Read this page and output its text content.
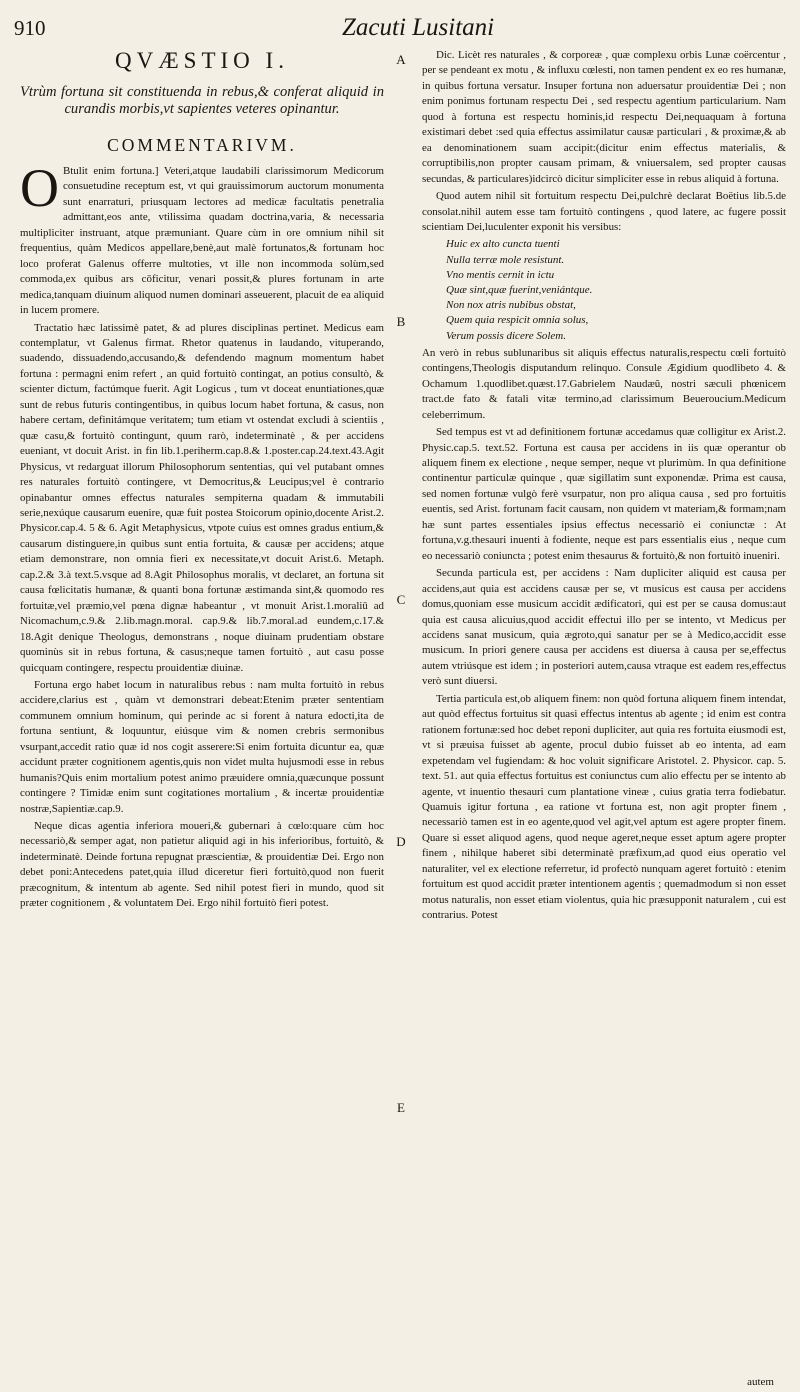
910	Zacuti Lusitani
QVÆSTIO I.
Vtrùm fortuna sit constituenda in rebus,& conferat aliquid in curandis morbis,vt sapientes veteres opinantur.
COMMENTARIVM.

O Btulit enim fortuna.] Veteri,atque laudabili clarissimorum Medicorum consuetudine receptum est, vt qui grauissimorum auctorum monumenta sunt enarraturi, priusquam lectores ad medicæ facultatis penetralia admittant,eos ante, vtilissima quadam doctrina,varia, & necessaria multipliciter instruant, atque præmuniant. Quare cùm in ore omnium nihil sit frequentius, quàm Medicos appellare,benè,aut malè fortunatos,& fortunam hoc loco proferat Galenus offerre multoties, vt ille non incommoda solùm,sed commoda,ex quibus ars cōficitur, venari possit,& plures fortunam in arte medica,tanquam diuinum aliquod numen dominari asseuerent, placuit de ea aliquid in lucem promere.

Tractatio hæc latissimè patet, & ad plures disciplinas pertinet. Medicus eam contemplatur, vt Galenus firmat. Rhetor quatenus in laudando, vituperando, suadendo, dissuadendo,accusando,& defendendo magnum momentum habet fortuna : permagni enim refert , an quid fortuitò contingat, an potius consultò, & scienter dictum, factúmque fuerit. Agit Logicus , tum vt doceat enuntiationes,quæ sunt de rebus futuris contingentibus, in quibus locum habet fortuna, & casus, non habere certam, definitámque veritatem; tum etiam vt ostendat excludi à scientiis , quæ casu,& fortuitò contingunt, quum rarò, indeterminatè , & per accidens eueniant, vt docuit Arist. in fin lib.1.periherm.cap.8.& 1.poster.cap.24.text.43.Agit Physicus, vt redarguat illorum Philosophorum sententias, qui vel putabant omnes res naturales fortuitò contingere, vt Democritus,& Leucipus;vel è contrario opinabantur omnes effectus naturales sempiterna quadam & immutabili serie,nexúque causarum euenire, quæ fuit postea Stoicorum opinio,docente Arist.2. Physicor.cap.4. 5 & 6. Agit Metaphysicus, vtpote cuius est omnes gradus entium,& causarum distinguere,in quibus sunt entia fortuita, & causæ per accidens; atque etiam demonstrare, non omnia fieri ex necessitate,vt docuit Arist.6. Metaph. cap.2.& 3.à text.5.vsque ad 8.Agit Philosophus moralis, vt declaret, an fortuna sit causa fœlicitatis humanæ, & quanti bona fortunæ æstimanda sint,& quomodo res fortuitæ,vel præmio,vel pœna dignæ habeantur , vt monuit Arist.1.moraliū ad Nicomachum,c.9.& 2.lib.magn.moral. cap.9.& lib.7.moral.ad eundem,c.17.& 18.Agit denique Theologus, demonstrans , noque diuinam prudentiam obstare quominùs sit in rebus fortuna, & casus;neque tamen fortuitò , aut casu posse quicquam contingere, respectu prouidentiæ diuinæ.

Fortuna ergo habet locum in naturalibus rebus : nam multa fortuitò in rebus accidere,clarius est , quàm vt demonstrari debeat:Etenim præter sententiam communem omnium hominum, qui perinde ac si forent à natura edocti,ita de fortuna sentiunt, & loquuntur, eiúsque vim & nomen crebris sermonibus vsurpant,accedit ratio quæ id nos cogit asserere:Si enim fortuita dicuntur ea, quæ accidunt præter cognitionem agentis,quis non videt multa hujusmodi esse in rebus humanis?Quis enim mortalium potest animo præuidere omnia,quæcunque possunt contingere ? Timidæ enim sunt cogitationes mortalium , & incertæ prouidentiæ nostræ,Sapientiæ.cap.9.

Neque dicas agentia inferiora moueri,& gubernari à cœlo:quare cùm hoc necessariò,& semper agat, non patietur aliquid agi in his inferioribus, fortuitò, & indeterminatè. Deinde fortuna repugnat præscientiæ, & prouidentiæ Dei. Ergo non debet poni:Antecedens patet,quia illud diceretur fieri fortuitò,quod non fuerit præcognitum, & intentum ab agente. Sed nihil potest fieri in mundo, quod sit præter cognitionem , & voluntatem Dei. Ergo nihil fortuitò fieri potest.

A
B
C
D
E

Dic. Licèt res naturales , & corporeæ , quæ complexu orbis Lunæ coërcentur , per se pendeant ex motu , & influxu cœlesti, non tamen pendent ex eo res humanæ, in quibus fortuna versatur. Insuper fortuna non aduersatur prouidentiæ Dei ; non enim ponimus fortunam respectu Dei , sed respectu agentium particularium. Nam quod à fortuna est respectu hominis,id respectu Dei,nequaquam à fortuna existimari debet :sed quia effectus assimilatur causæ particulari , & proximæ,& ab ea denominationem suam accipit:(dicitur enim effectus materialis, & corruptibilis,non propter causam primam, & vniuersalem, sed propter causas secundas, & particulares)idcircò dicitur simpliciter esse in rebus aliquid à fortuna.

Quod autem nihil sit fortuitum respectu Dei,pulchrè declarat Boëtius lib.5.de consolat.nihil autem esse tam fortuitò contingens , quod latere, ac fugere possit scientiam Dei,luculenter exponit his versibus:

Huic ex alto cuncta tuenti
Nulla terræ mole resistunt.
Vno mentis cernit in ictu
Quæ sint,quæ fuerint,veniántque.
Non nox atris nubibus obstat,
Quem quia respicit omnia solus,
Verum possis dicere Solem.

An verò in rebus sublunaribus sit aliquis effectus naturalis,respectu cœli fortuitò contingens,Theologis disputandum relinquo. Consule Ægidium quodlibeto 4. & Ochamum 1.quodlibet.quæst.17.Gabrielem Naudæũ, nostri sæculi phœnicem tract.de fato & fatali vitæ termino,ad clarissimum Beueroucium.Medicum celeberrimum.

Sed tempus est vt ad definitionem fortunæ accedamus quæ colligitur ex Arist.2. Physic.cap.5. text.52. Fortuna est causa per accidens in iis quæ operantur ob aliquem finem ex electione , neque semper, neque vt plurimùm. In qua definitione continentur particulæ quinque , quæ sigillatim sunt exponendæ. Prima est causa, sed nomen fortunæ vulgò ferè vsurpatur, non pro aliqua causa , sed pro fortuitis euentis, sed Arist. fortunam facit causam, non quidem vt materiam,& formam;nam hæ sunt partes essentiales ipsius effectus necessariò ei coniunctæ : At fortuna,v.g.thesauri inuenti à fodiente, neque est pars essentialis eius , neque cum eo necessariò coniuncta ; potest enim thesaurus & fortuitò,& non fortuitò inueniri.

Secunda particula est, per accidens : Nam dupliciter aliquid est causa per accidens,aut quia est accidens causæ per se, vt musicus est causa per accidens domus,quoniam esse musicum accidit ædificatori, qui est per se causa domus:aut quia est causa alicuius,quod accidit effectui illo per se intento, vt Medicus per accidens sanat musicum, quia ægroto,qui sanatur per se à Medico,accidit esse musicum. In priori genere causa per accidens est diuersa à causa per se,effectus autem vtriúsque est idem ; in posteriori autem,causa vtraque est eadem res,effectus verò sunt diuersi.

Tertia particula est,ob aliquem finem: non quòd fortuna aliquem finem intendat, aut quòd effectus fortuitus sit quasi effectus intentus ab agente ; id enim est contra rationem fortunæ:sed hoc debet reponi dupliciter, aut quia res fortuita eiusmodi est, vt si præuisa fuisset ab agente, procul dubio fuisset ab eo intenta, ad eam expetendam vel fugiendam: & hoc voluit significare Aristotel. 2. Physicor. cap. 5. text. 51. aut quia effectus fortuitus est coniunctus cum alio effectu per se intento ab agente, vt inuentio thesauri cum plantatione vineæ , cuius gratia terra fodiebatur. Quamuis igitur fortuna , ea ratione vt fortuna est, non agit propter finem , necessariò tamen est in eo agente,quod vel agit,vel aptum est agere propter finem. Quare si esset aliquod agens, quod neque ageret,neque esset aptum agere propter finem , nihilque haberet sibi determinatè præfixum,ad quod eius operatio vel naturaliter, vel ex electione referretur, id profectò nunquam ageret fortuitò : etenim fortuitum est quod accidit præter intentionem agentis ; quemadmodum si non esset motus naturalis, non esset etiam violentus, quia hic præsupponit naturalem , cui est contrarius. Potest

autem
